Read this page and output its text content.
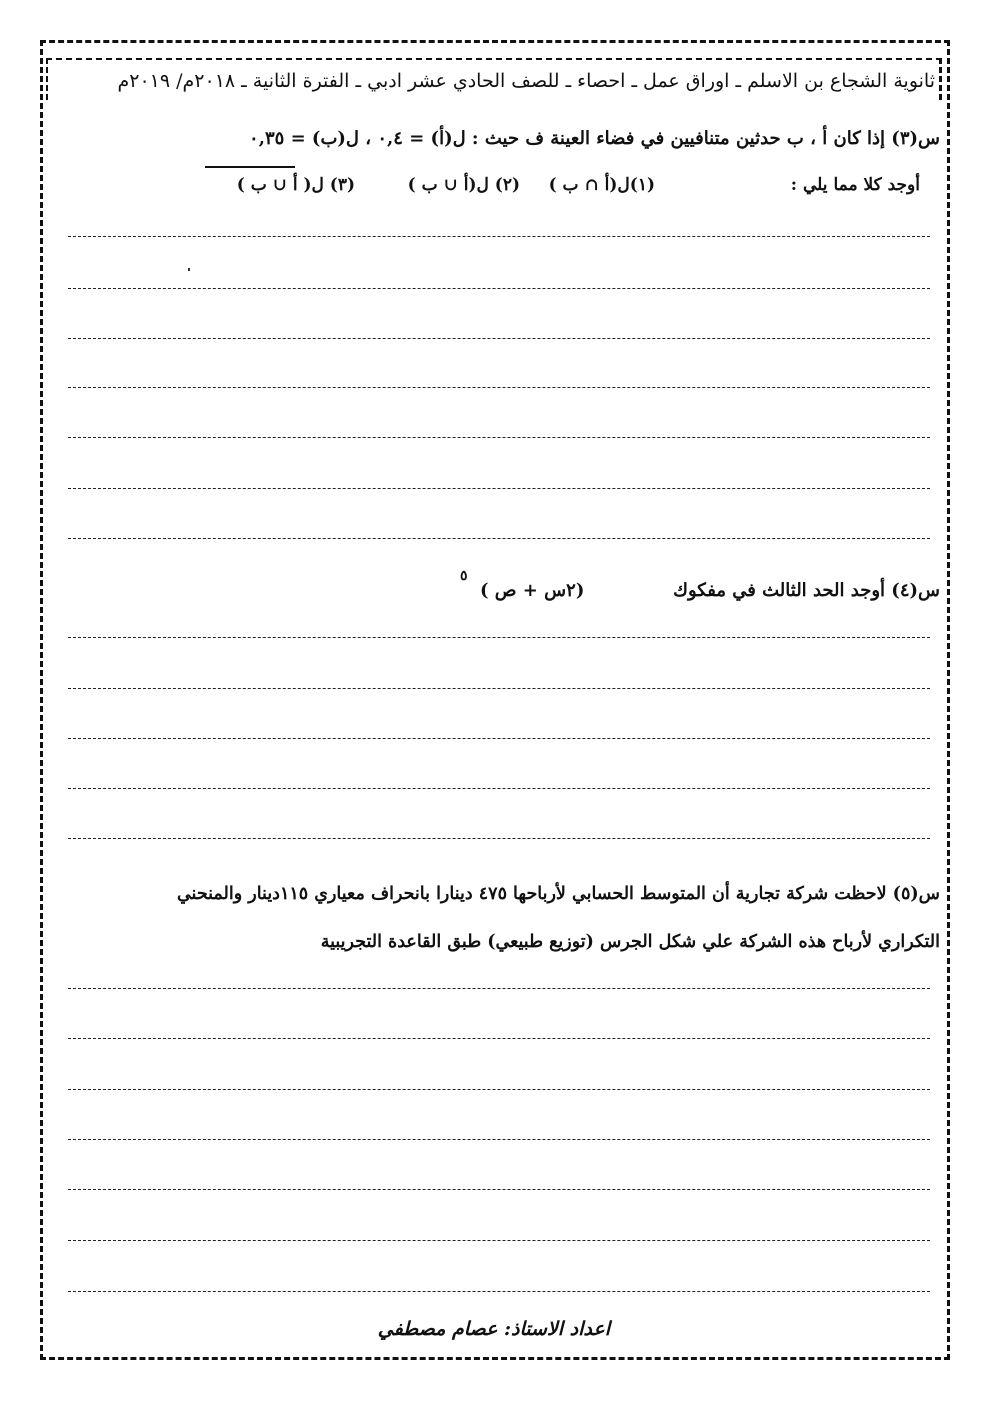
ثانوية الشجاع بن الاسلم ـ اوراق عمل ـ احصاء ـ للصف الحادي عشر ادبي ـ الفترة الثانية ـ ٢٠١٨م/ ٢٠١٩م
س(٣) إذا كان ﺃ ، ب حدثين متنافيين في فضاء العينة ف حيث : ل(ﺃ) = ٠,٤ ، ل(ب) = ٠,٣٥
أوجد كلا مما يلي :
(١)ل(ﺃ ∩ ب )
(٢) ل(ﺃ ∪ ب )
(٣) ل( ﺃ ∪ ب )
س(٤) أوجد الحد الثالث في مفكوك
(٢س + ص )
٥
س(٥) لاحظت شركة تجارية أن المتوسط الحسابي لأرباحها ٤٧٥ دينارا بانحراف معياري ١١٥دينار والمنحني
التكراري لأرباح هذه الشركة علي شكل الجرس (توزيع طبيعي) طبق القاعدة التجريبية
اعداد الاستاذ: عصام مصطفي
